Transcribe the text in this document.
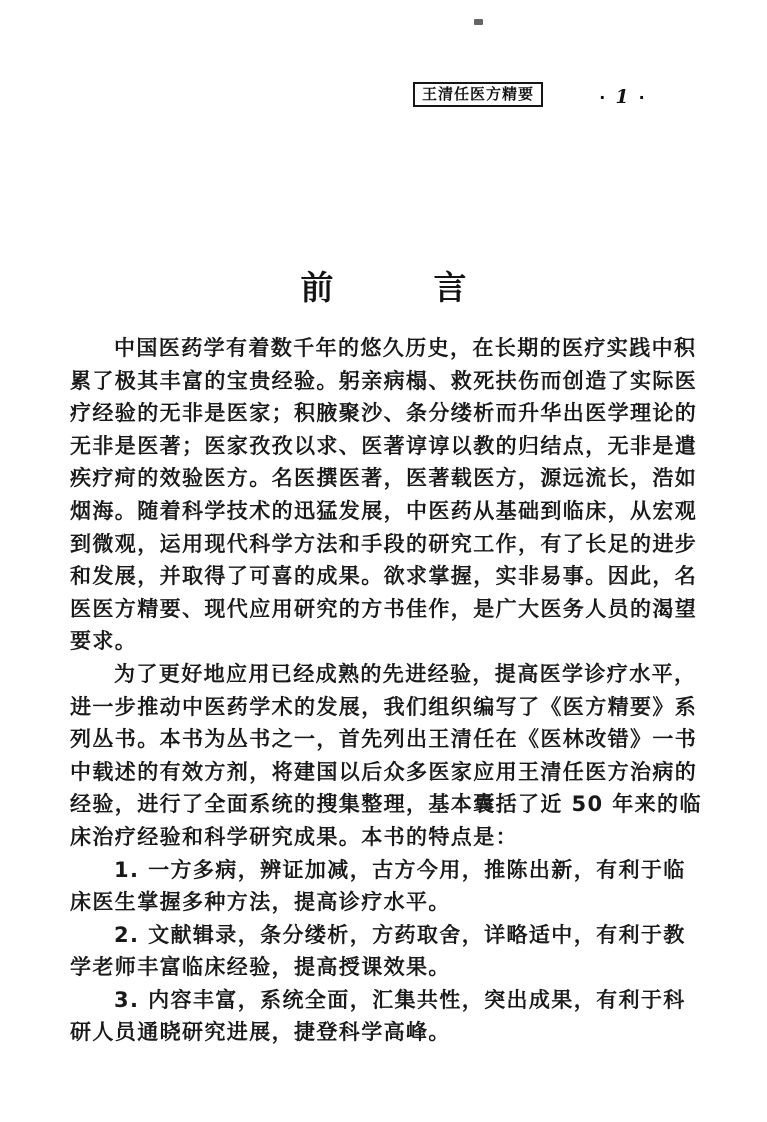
王清任医方精要	· 1 ·
前	言
中国医药学有着数千年的悠久历史，在长期的医疗实践中积
累了极其丰富的宝贵经验。躬亲病榻、救死扶伤而创造了实际医
疗经验的无非是医家；积腋聚沙、条分缕析而升华出医学理论的
无非是医著；医家孜孜以求、医著谆谆以教的归结点，无非是遣
疾疗疴的效验医方。名医撰医著，医著载医方，源远流长，浩如
烟海。随着科学技术的迅猛发展，中医药从基础到临床，从宏观
到微观，运用现代科学方法和手段的研究工作，有了长足的进步
和发展，并取得了可喜的成果。欲求掌握，实非易事。因此，名
医医方精要、现代应用研究的方书佳作，是广大医务人员的渴望
要求。
为了更好地应用已经成熟的先进经验，提高医学诊疗水平，
进一步推动中医药学术的发展，我们组织编写了《医方精要》系
列丛书。本书为丛书之一，首先列出王清任在《医林改错》一书
中载述的有效方剂，将建国以后众多医家应用王清任医方治病的
经验，进行了全面系统的搜集整理，基本囊括了近 50 年来的临
床治疗经验和科学研究成果。本书的特点是：
1. 一方多病，辨证加减，古方今用，推陈出新，有利于临
床医生掌握多种方法，提高诊疗水平。
2. 文献辑录，条分缕析，方药取舍，详略适中，有利于教
学老师丰富临床经验，提高授课效果。
3. 内容丰富，系统全面，汇集共性，突出成果，有利于科
研人员通晓研究进展，捷登科学高峰。
